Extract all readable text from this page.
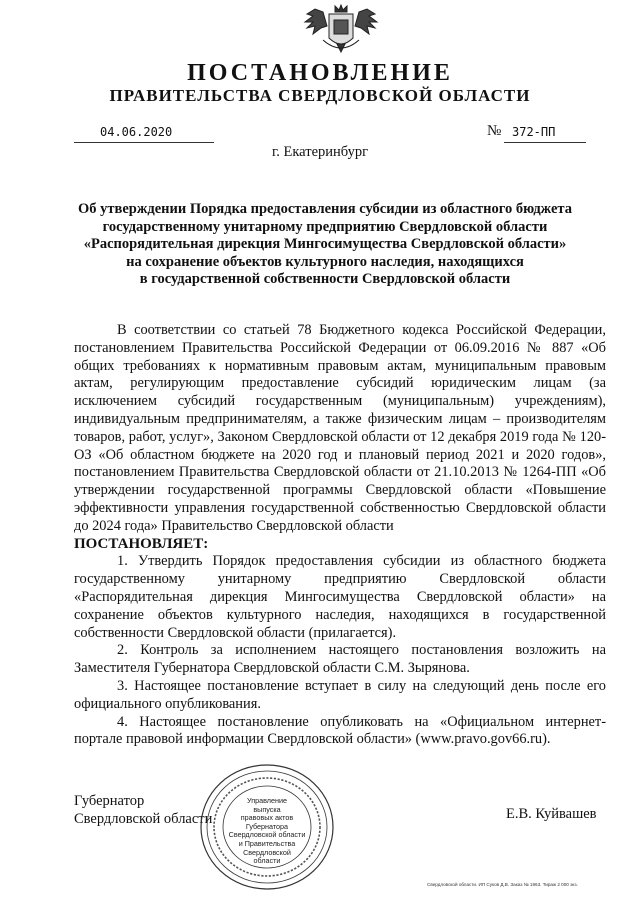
ПОСТАНОВЛЕНИЕ
ПРАВИТЕЛЬСТВА СВЕРДЛОВСКОЙ ОБЛАСТИ
04.06.2020	№ 372-ПП
г. Екатеринбург
Об утверждении Порядка предоставления субсидии из областного бюджета
государственному унитарному предприятию Свердловской области
«Распорядительная дирекция Мингосимущества Свердловской области»
на сохранение объектов культурного наследия, находящихся
в государственной собственности Свердловской области

В соответствии со статьей 78 Бюджетного кодекса Российской Федерации, постановлением Правительства Российской Федерации от 06.09.2016 № 887 «Об общих требованиях к нормативным правовым актам, муниципальным правовым актам, регулирующим предоставление субсидий юридическим лицам (за исключением субсидий государственным (муниципальным) учреждениям), индивидуальным предпринимателям, а также физическим лицам – производителям товаров, работ, услуг», Законом Свердловской области от 12 декабря 2019 года № 120-ОЗ «Об областном бюджете на 2020 год и плановый период 2021 и 2020 годов», постановлением Правительства Свердловской области от 21.10.2013 № 1264-ПП «Об утверждении государственной программы Свердловской области «Повышение эффективности управления государственной собственностью Свердловской области до 2024 года» Правительство Свердловской области

ПОСТАНОВЛЯЕТ:

1. Утвердить Порядок предоставления субсидии из областного бюджета государственному унитарному предприятию Свердловской области «Распорядительная дирекция Мингосимущества Свердловской области» на сохранение объектов культурного наследия, находящихся в государственной собственности Свердловской области (прилагается).

2. Контроль за исполнением настоящего постановления возложить на Заместителя Губернатора Свердловской области С.М. Зырянова.

3. Настоящее постановление вступает в силу на следующий день после его официального опубликования.

4. Настоящее постановление опубликовать на «Официальном интернет-портале правовой информации Свердловской области» (www.pravo.gov66.ru).

Губернатор
Свердловской области
Управление
выпуска
правовых актов
Губернатора
Свердловской области
и Правительства
Свердловской
области
Е.В. Куйвашев
Свердловской области. ИП Суков Д.В. Заказ № 1963. Тираж 2 000 экз.
